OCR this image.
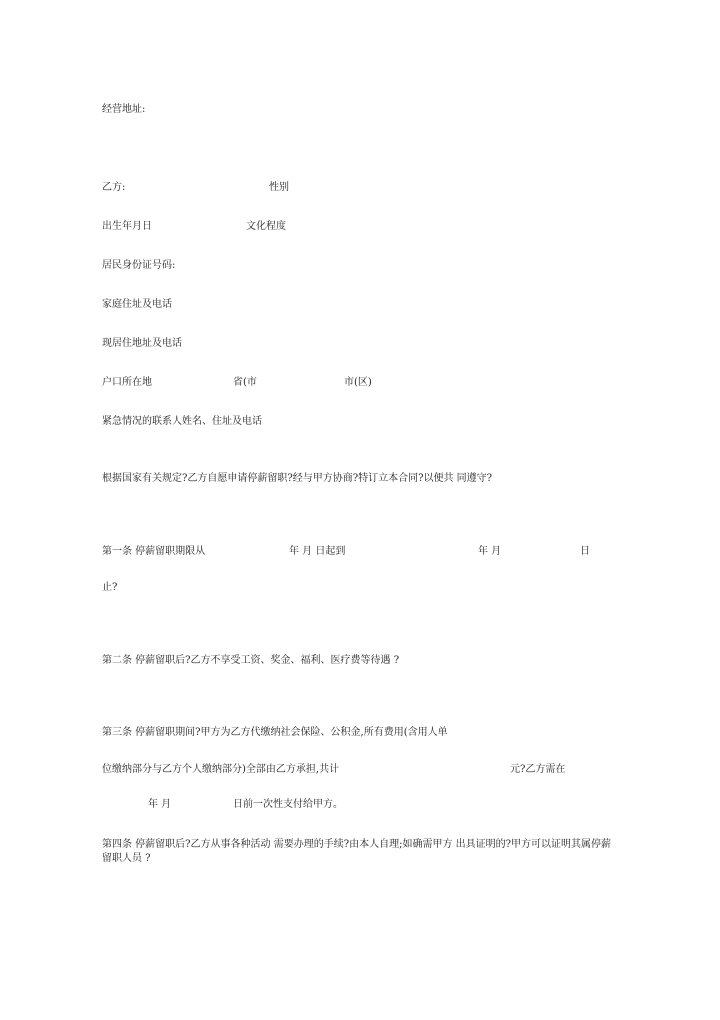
经营地址:
乙方:	性别
出生年月日	文化程度
居民身份证号码:
家庭住址及电话
现居住地址及电话
户口所在地	省(市	市(区)
紧急情况的联系人姓名、住址及电话
根据国家有关规定?乙方自愿申请停薪留职?经与甲方协商?特订立本合同?以便共 同遵守?
第一条 停薪留职期限从	年 月 日起到	年 月	日
止?
第二条 停薪留职后?乙方不享受工资、奖金、福利、医疗费等待遇 ?
第三条 停薪留职期间?甲方为乙方代缴纳社会保险、公积金,所有费用(含用人单
位缴纳部分与乙方个人缴纳部分)全部由乙方承担,共计	元?乙方需在
年 月	日前一次性支付给甲方。
第四条 停薪留职后?乙方从事各种活动 需要办理的手续?由本人自理;如确需甲方 出具证明的?甲方可以证明其属停薪留职人员 ?
